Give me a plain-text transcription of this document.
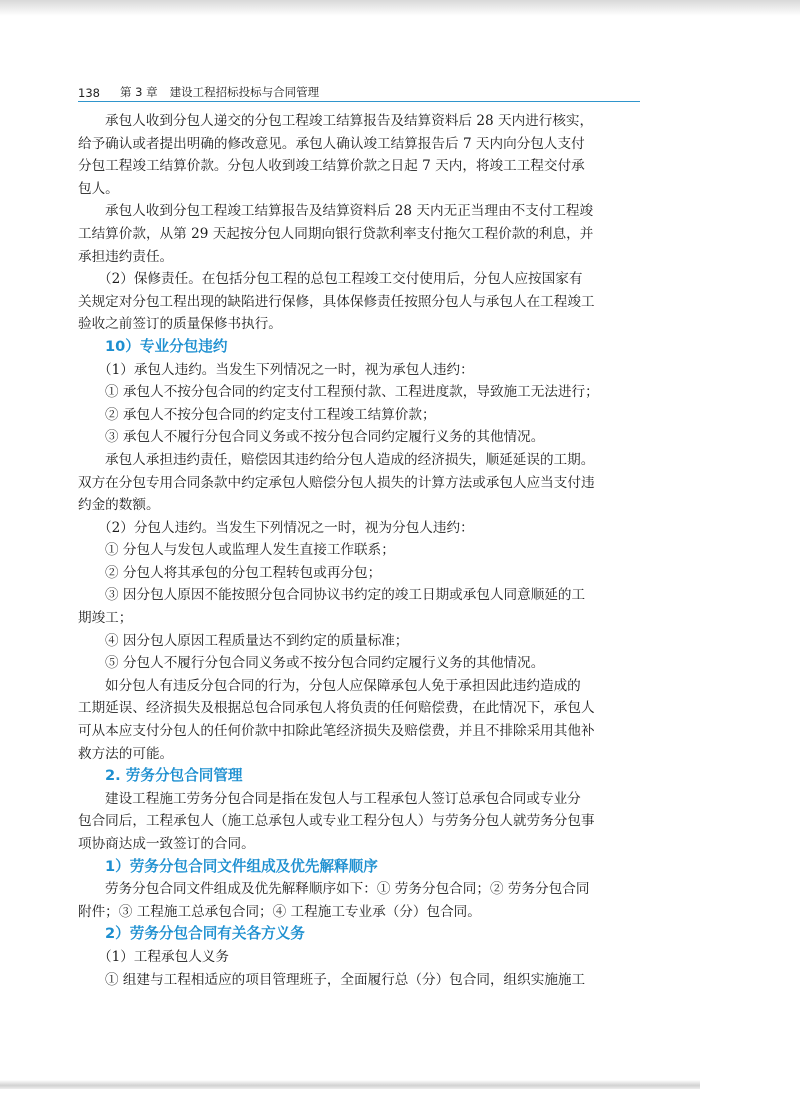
138	第 3 章 建设工程招标投标与合同管理

承包人收到分包人递交的分包工程竣工结算报告及结算资料后 28 天内进行核实，

给予确认或者提出明确的修改意见。承包人确认竣工结算报告后 7 天内向分包人支付

分包工程竣工结算价款。分包人收到竣工结算价款之日起 7 天内，将竣工工程交付承

包人。

承包人收到分包工程竣工结算报告及结算资料后 28 天内无正当理由不支付工程竣

工结算价款，从第 29 天起按分包人同期向银行贷款利率支付拖欠工程价款的利息，并

承担违约责任。

（2）保修责任。在包括分包工程的总包工程竣工交付使用后，分包人应按国家有

关规定对分包工程出现的缺陷进行保修，具体保修责任按照分包人与承包人在工程竣工

验收之前签订的质量保修书执行。

10）专业分包违约

（1）承包人违约。当发生下列情况之一时，视为承包人违约：

① 承包人不按分包合同的约定支付工程预付款、工程进度款，导致施工无法进行；

② 承包人不按分包合同的约定支付工程竣工结算价款；

③ 承包人不履行分包合同义务或不按分包合同约定履行义务的其他情况。

承包人承担违约责任，赔偿因其违约给分包人造成的经济损失，顺延延误的工期。

双方在分包专用合同条款中约定承包人赔偿分包人损失的计算方法或承包人应当支付违

约金的数额。

（2）分包人违约。当发生下列情况之一时，视为分包人违约：

① 分包人与发包人或监理人发生直接工作联系；

② 分包人将其承包的分包工程转包或再分包；

③ 因分包人原因不能按照分包合同协议书约定的竣工日期或承包人同意顺延的工

期竣工；

④ 因分包人原因工程质量达不到约定的质量标准；

⑤ 分包人不履行分包合同义务或不按分包合同约定履行义务的其他情况。

如分包人有违反分包合同的行为，分包人应保障承包人免于承担因此违约造成的

工期延误、经济损失及根据总包合同承包人将负责的任何赔偿费，在此情况下，承包人

可从本应支付分包人的任何价款中扣除此笔经济损失及赔偿费，并且不排除采用其他补

救方法的可能。

2. 劳务分包合同管理

建设工程施工劳务分包合同是指在发包人与工程承包人签订总承包合同或专业分

包合同后，工程承包人（施工总承包人或专业工程分包人）与劳务分包人就劳务分包事

项协商达成一致签订的合同。

1）劳务分包合同文件组成及优先解释顺序

劳务分包合同文件组成及优先解释顺序如下：① 劳务分包合同；② 劳务分包合同

附件；③ 工程施工总承包合同；④ 工程施工专业承（分）包合同。

2）劳务分包合同有关各方义务

（1）工程承包人义务

① 组建与工程相适应的项目管理班子，全面履行总（分）包合同，组织实施施工
